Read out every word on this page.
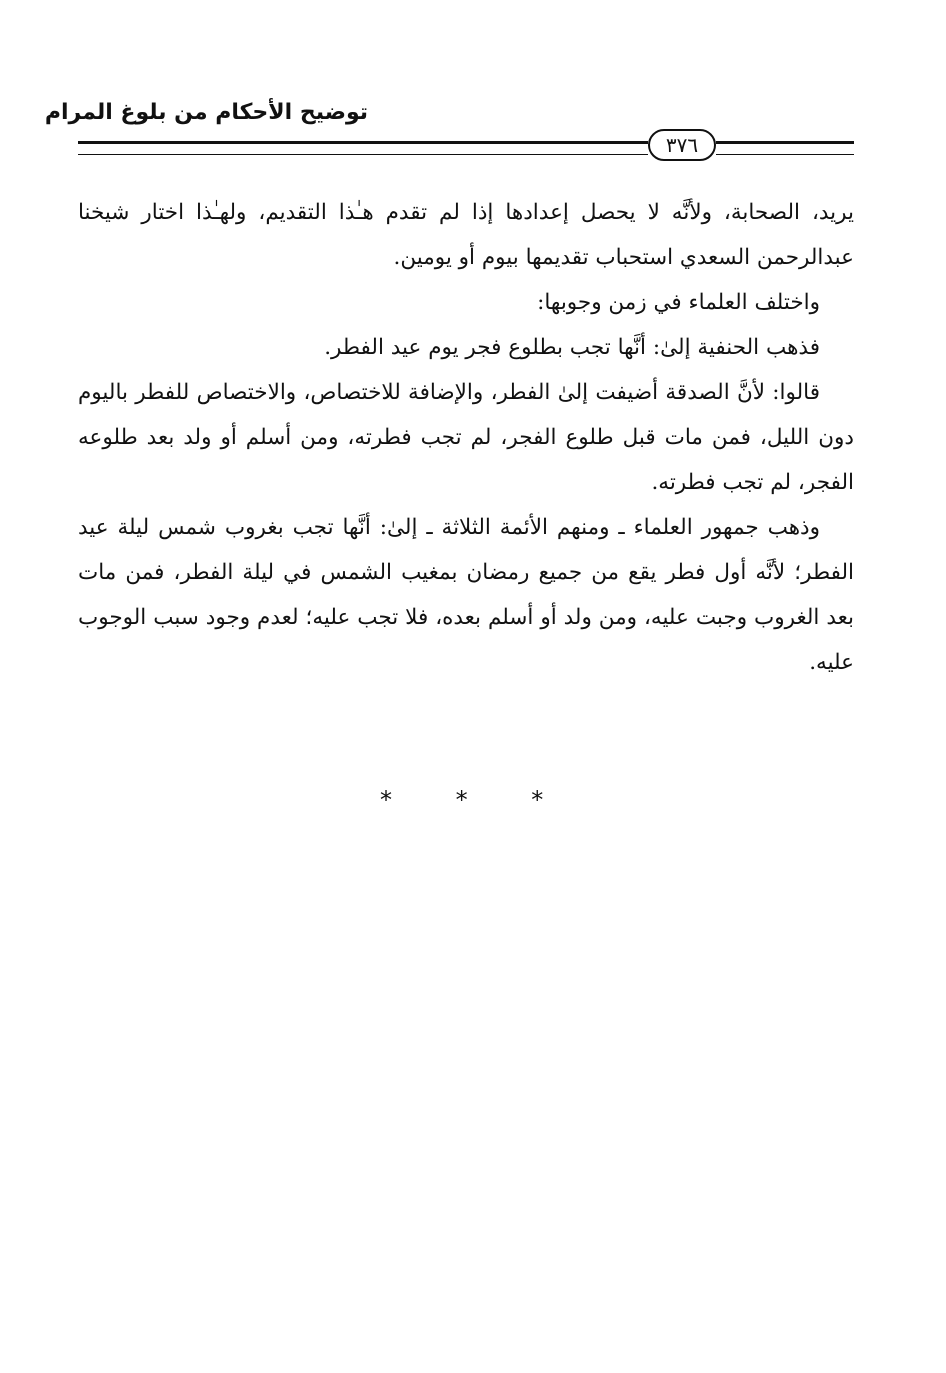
توضيح الأحكام من بلوغ المرام
٣٧٦

يريد، الصحابة، ولأنَّه لا يحصل إعدادها إذا لم تقدم هـٰذا التقديم، ولهـٰذا اختار شيخنا عبدالرحمن السعدي استحباب تقديمها بيوم أو يومين.

واختلف العلماء في زمن وجوبها:

فذهب الحنفية إلىٰ: أنَّها تجب بطلوع فجر يوم عيد الفطر.

قالوا: لأنَّ الصدقة أضيفت إلىٰ الفطر، والإضافة للاختصاص، والاختصاص للفطر باليوم دون الليل، فمن مات قبل طلوع الفجر، لم تجب فطرته، ومن أسلم أو ولد بعد طلوعه الفجر، لم تجب فطرته.

وذهب جمهور العلماء ـ ومنهم الأئمة الثلاثة ـ إلىٰ: أنَّها تجب بغروب شمس ليلة عيد الفطر؛ لأنَّه أول فطر يقع من جميع رمضان بمغيب الشمس في ليلة الفطر، فمن مات بعد الغروب وجبت عليه، ومن ولد أو أسلم بعده، فلا تجب عليه؛ لعدم وجود سبب الوجوب عليه.

* * *
